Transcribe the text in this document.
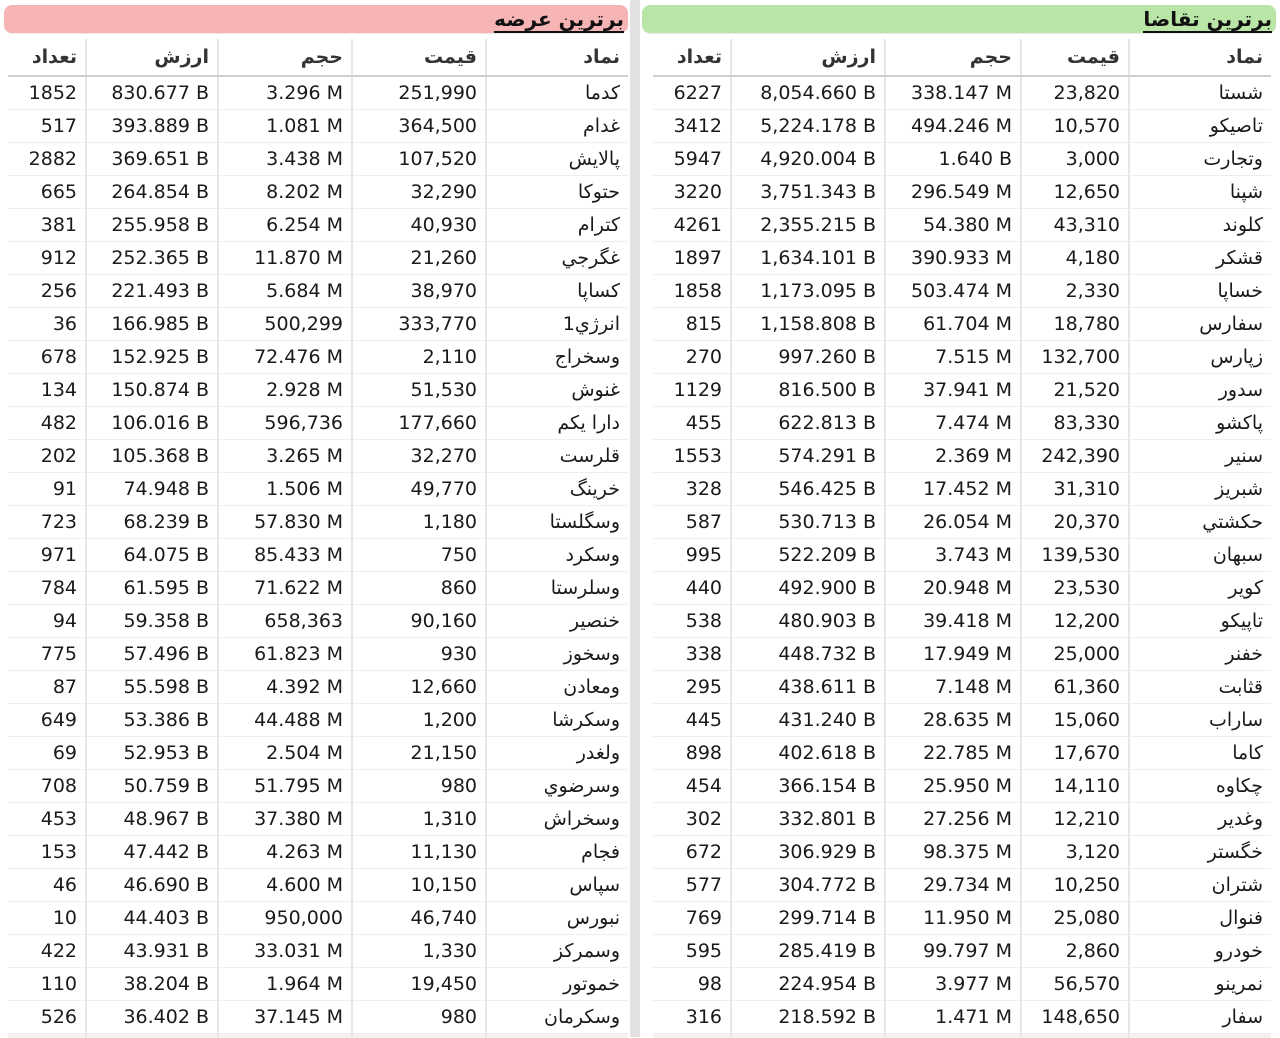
برترین عرضه
تعداد	ارزش	حجم	قیمت	نماد
1852	830.677 B	3.296 M	251,990	كدما
517	393.889 B	1.081 M	364,500	غدام
2882	369.651 B	3.438 M	107,520	پالايش
665	264.854 B	8.202 M	32,290	حتوكا
381	255.958 B	6.254 M	40,930	كترام
912	252.365 B	11.870 M	21,260	غگرجي
256	221.493 B	5.684 M	38,970	كساپا
36	166.985 B	500,299	333,770	انرژي1
678	152.925 B	72.476 M	2,110	وسخراج
134	150.874 B	2.928 M	51,530	غنوش
482	106.016 B	596,736	177,660	دارا يكم
202	105.368 B	3.265 M	32,270	قلرست
91	74.948 B	1.506 M	49,770	خرينگ
723	68.239 B	57.830 M	1,180	وسگلستا
971	64.075 B	85.433 M	750	وسكرد
784	61.595 B	71.622 M	860	وسلرستا
94	59.358 B	658,363	90,160	خنصير
775	57.496 B	61.823 M	930	وسخوز
87	55.598 B	4.392 M	12,660	ومعادن
649	53.386 B	44.488 M	1,200	وسكرشا
69	52.953 B	2.504 M	21,150	ولغدر
708	50.759 B	51.795 M	980	وسرضوي
453	48.967 B	37.380 M	1,310	وسخراش
153	47.442 B	4.263 M	11,130	فجام
46	46.690 B	4.600 M	10,150	سپاس
10	44.403 B	950,000	46,740	نبورس
422	43.931 B	33.031 M	1,330	وسمركز
110	38.204 B	1.964 M	19,450	خموتور
526	36.402 B	37.145 M	980	وسكرمان

برترین تقاضا
تعداد	ارزش	حجم	قیمت	نماد
6227	8,054.660 B	338.147 M	23,820	شستا
3412	5,224.178 B	494.246 M	10,570	تاصيكو
5947	4,920.004 B	1.640 B	3,000	وتجارت
3220	3,751.343 B	296.549 M	12,650	شپنا
4261	2,355.215 B	54.380 M	43,310	كلوند
1897	1,634.101 B	390.933 M	4,180	قشكر
1858	1,173.095 B	503.474 M	2,330	خساپا
815	1,158.808 B	61.704 M	18,780	سفارس
270	997.260 B	7.515 M	132,700	زپارس
1129	816.500 B	37.941 M	21,520	سدور
455	622.813 B	7.474 M	83,330	پاكشو
1553	574.291 B	2.369 M	242,390	سنير
328	546.425 B	17.452 M	31,310	شبريز
587	530.713 B	26.054 M	20,370	حكشتي
995	522.209 B	3.743 M	139,530	سبهان
440	492.900 B	20.948 M	23,530	كوير
538	480.903 B	39.418 M	12,200	تاپيكو
338	448.732 B	17.949 M	25,000	خفنر
295	438.611 B	7.148 M	61,360	قثابت
445	431.240 B	28.635 M	15,060	ساراب
898	402.618 B	22.785 M	17,670	كاما
454	366.154 B	25.950 M	14,110	چكاوه
302	332.801 B	27.256 M	12,210	وغدير
672	306.929 B	98.375 M	3,120	خگستر
577	304.772 B	29.734 M	10,250	شتران
769	299.714 B	11.950 M	25,080	فنوال
595	285.419 B	99.797 M	2,860	خودرو
98	224.954 B	3.977 M	56,570	نمرينو
316	218.592 B	1.471 M	148,650	سفار
